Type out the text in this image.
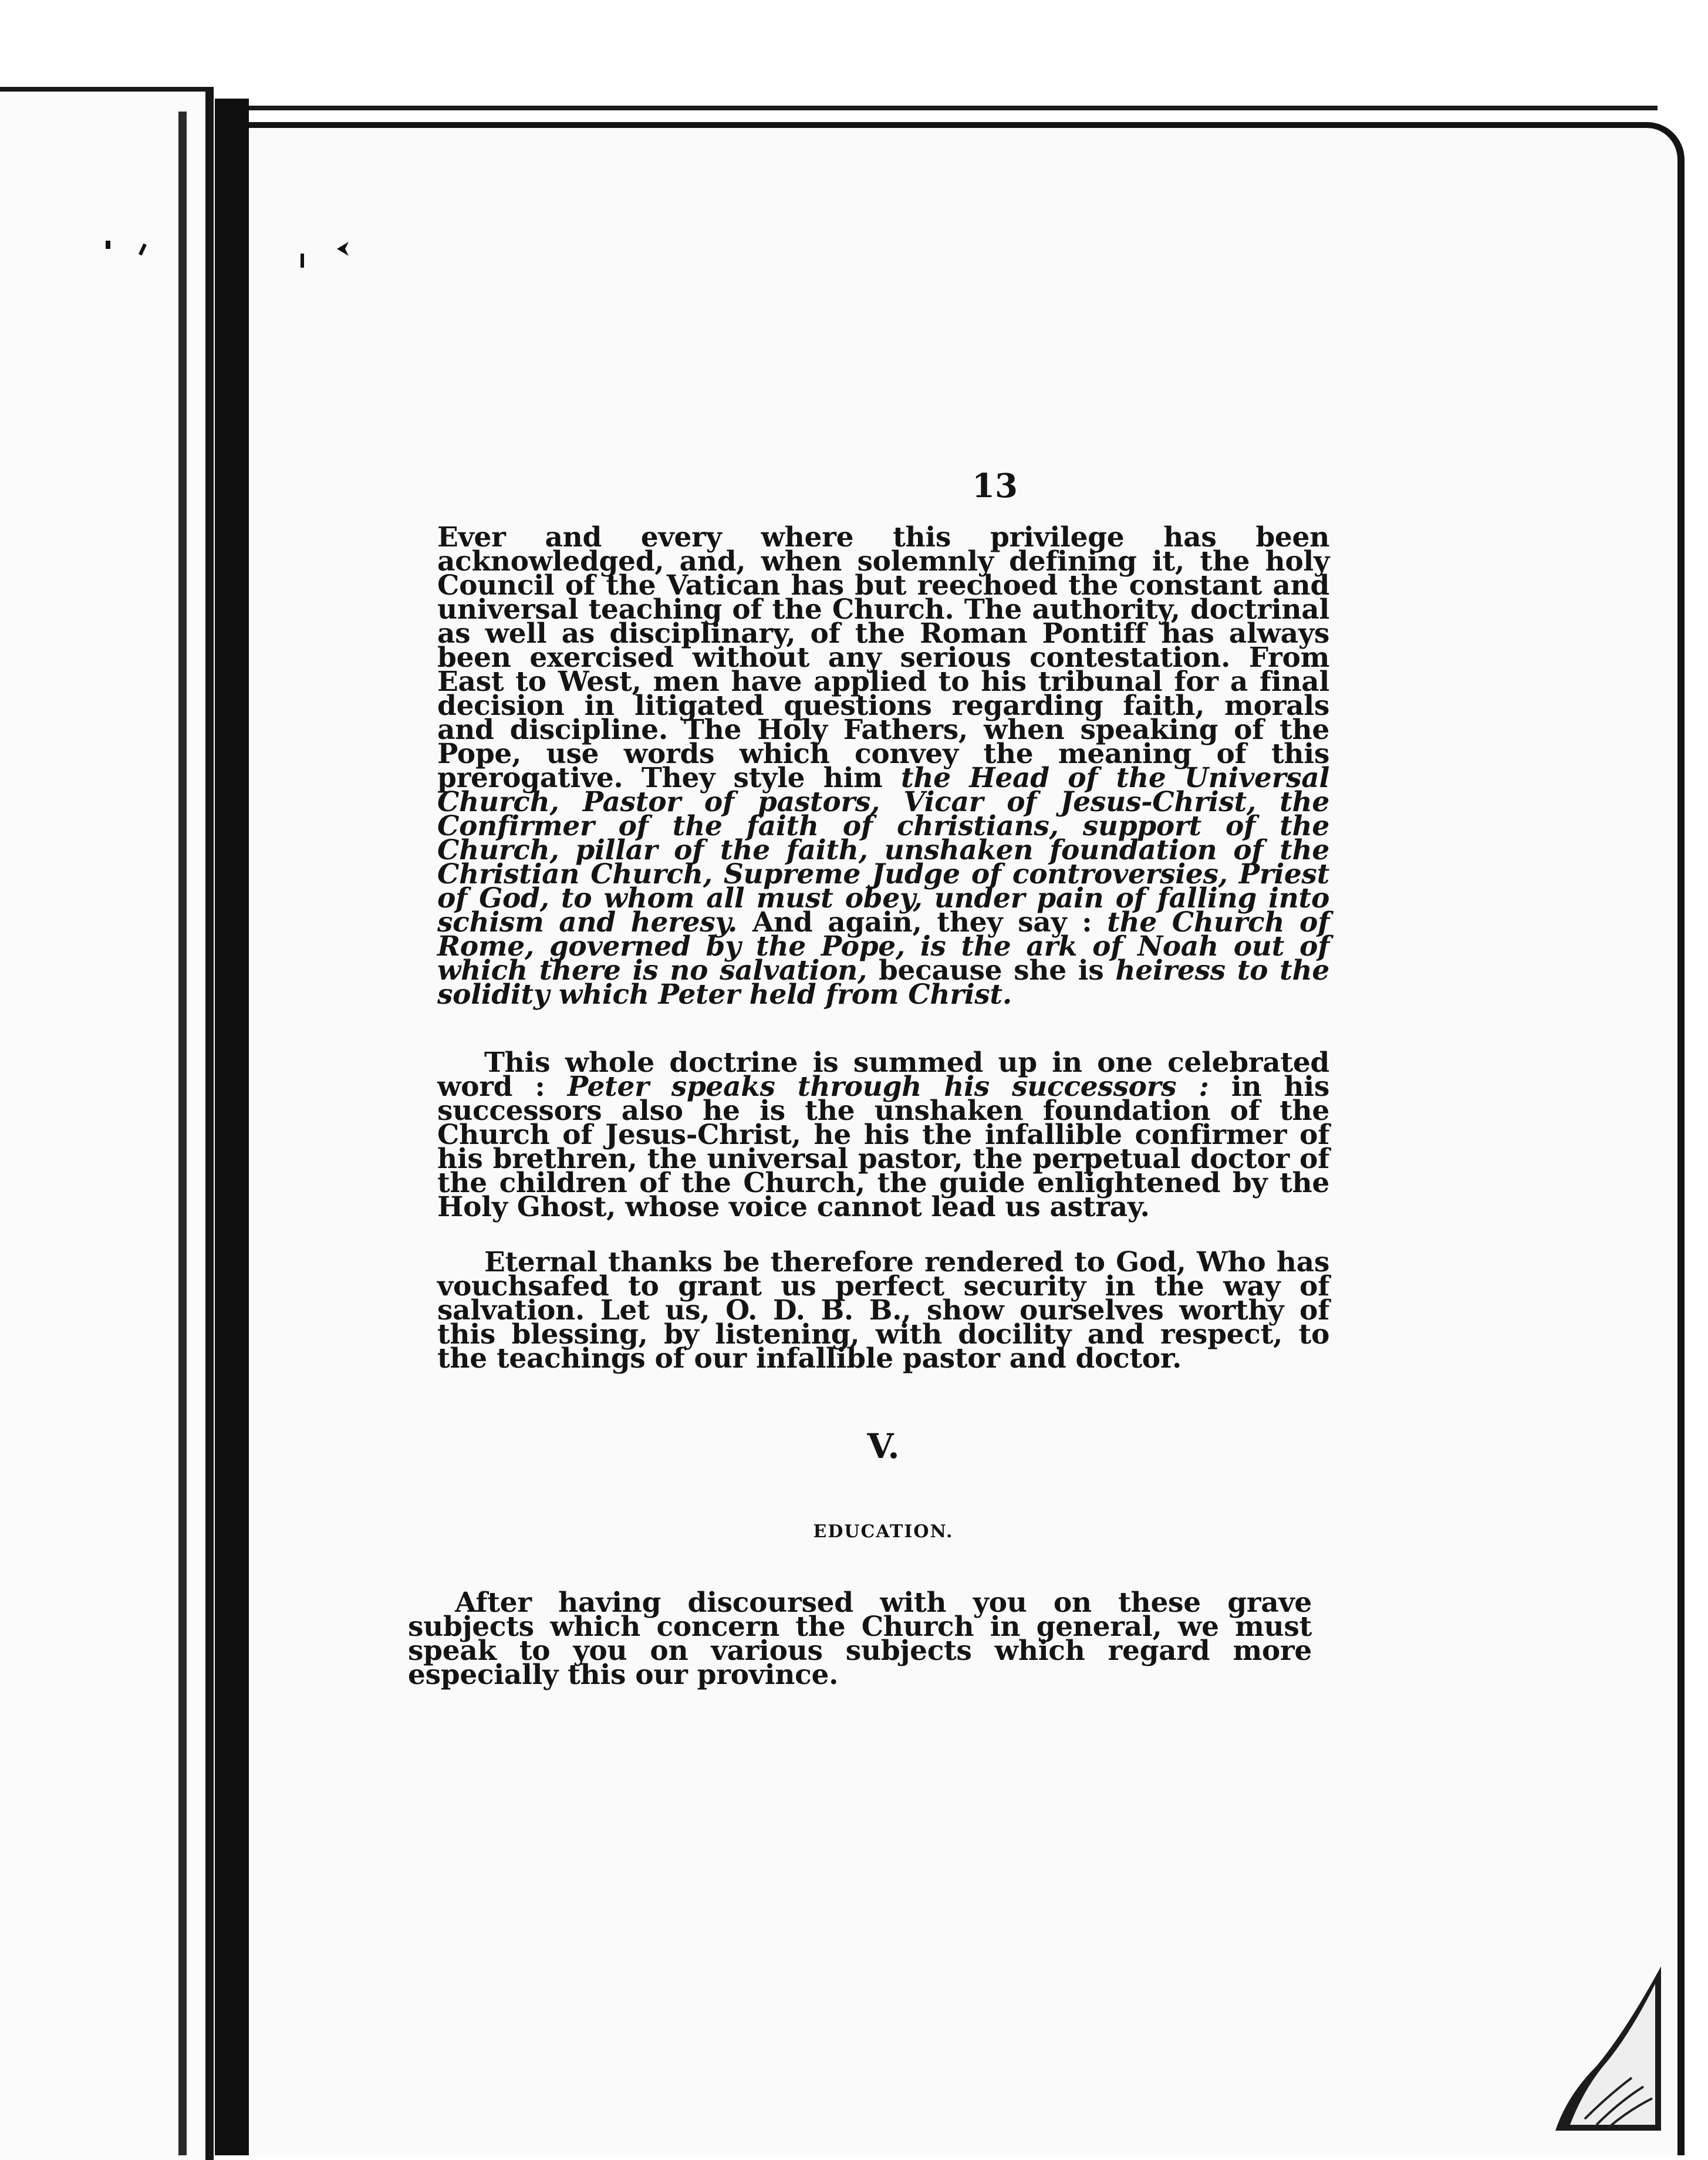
13

Ever and every where this privilege has been acknowledged, and, when solemnly defining it, the holy Council of the Vatican has but reechoed the constant and universal teaching of the Church. The authority, doctrinal as well as disciplinary, of the Roman Pontiff has always been exercised without any serious contestation. From East to West, men have applied to his tribunal for a final decision in litigated questions regarding faith, morals and discipline. The Holy Fathers, when speaking of the Pope, use words which convey the meaning of this prerogative. They style him the Head of the Universal Church, Pastor of pastors, Vicar of Jesus-Christ, the Confirmer of the faith of christians, support of the Church, pillar of the faith, unshaken foundation of the Christian Church, Supreme Judge of controversies, Priest of God, to whom all must obey, under pain of falling into schism and heresy. And again, they say : the Church of Rome, governed by the Pope, is the ark of Noah out of which there is no salvation, because she is heiress to the solidity which Peter held from Christ.

This whole doctrine is summed up in one celebrated word : Peter speaks through his successors : in his successors also he is the unshaken foundation of the Church of Jesus-Christ, he his the infallible confirmer of his brethren, the universal pastor, the perpetual doctor of the children of the Church, the guide enlightened by the Holy Ghost, whose voice cannot lead us astray.

Eternal thanks be therefore rendered to God, Who has vouchsafed to grant us perfect security in the way of salvation. Let us, O. D. B. B., show ourselves worthy of this blessing, by listening, with docility and respect, to the teachings of our infallible pastor and doctor.

V.
EDUCATION.

After having discoursed with you on these grave subjects which concern the Church in general, we must speak to you on various subjects which regard more especially this our province.
